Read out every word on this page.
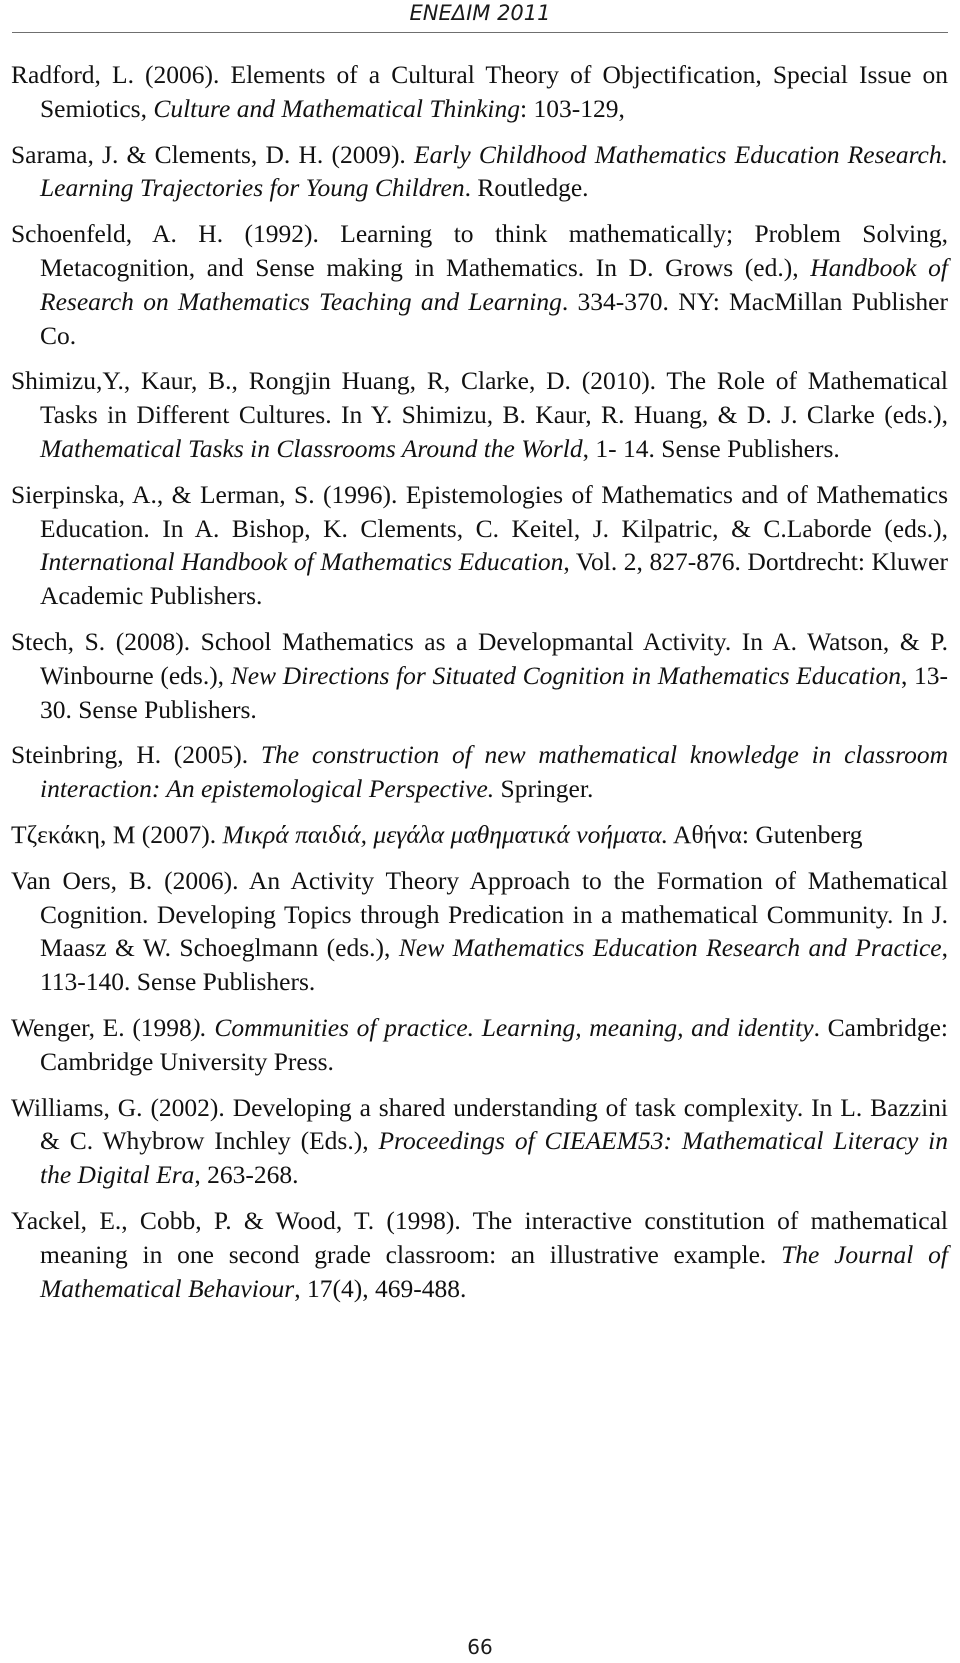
ΕΝΕΔΙΜ 2011
Radford, L. (2006). Elements of a Cultural Theory of Objectification, Special Issue on Semiotics, Culture and Mathematical Thinking: 103-129,
Sarama, J. & Clements, D. H. (2009). Early Childhood Mathematics Education Research. Learning Trajectories for Young Children. Routledge.
Schoenfeld, A. H. (1992). Learning to think mathematically; Problem Solving, Metacognition, and Sense making in Mathematics. In D. Grows (ed.), Handbook of Research on Mathematics Teaching and Learning. 334-370. NY: MacMillan Publisher Co.
Shimizu,Y., Kaur, B., Rongjin Huang, R, Clarke, D. (2010). The Role of Mathematical Tasks in Different Cultures. In Y. Shimizu, B. Kaur, R. Huang, & D. J. Clarke (eds.), Mathematical Tasks in Classrooms Around the World, 1- 14. Sense Publishers.
Sierpinska, A., & Lerman, S. (1996). Epistemologies of Mathematics and of Mathematics Education. In A. Bishop, K. Clements, C. Keitel, J. Kilpatric, & C.Laborde (eds.), International Handbook of Mathematics Education, Vol. 2, 827-876. Dortdrecht: Kluwer Academic Publishers.
Stech, S. (2008). School Mathematics as a Developmantal Activity. In A. Watson, & P. Winbourne (eds.), New Directions for Situated Cognition in Mathematics Education, 13- 30. Sense Publishers.
Steinbring, H. (2005). The construction of new mathematical knowledge in classroom interaction: An epistemological Perspective. Springer.
Τζεκάκη, Μ (2007). Μικρά παιδιά, μεγάλα μαθηματικά νοήματα. Αθήνα: Gutenberg
Van Oers, B. (2006). An Activity Theory Approach to the Formation of Mathematical Cognition. Developing Topics through Predication in a mathematical Community. In J. Maasz & W. Schoeglmann (eds.), New Mathematics Education Research and Practice, 113-140. Sense Publishers.
Wenger, E. (1998). Communities of practice. Learning, meaning, and identity. Cambridge: Cambridge University Press.
Williams, G. (2002). Developing a shared understanding of task complexity. In L. Bazzini & C. Whybrow Inchley (Eds.), Proceedings of CIEAEM53: Mathematical Literacy in the Digital Era, 263-268.
Yackel, E., Cobb, P. & Wood, T. (1998). The interactive constitution of mathematical meaning in one second grade classroom: an illustrative example. The Journal of Mathematical Behaviour, 17(4), 469-488.
66
